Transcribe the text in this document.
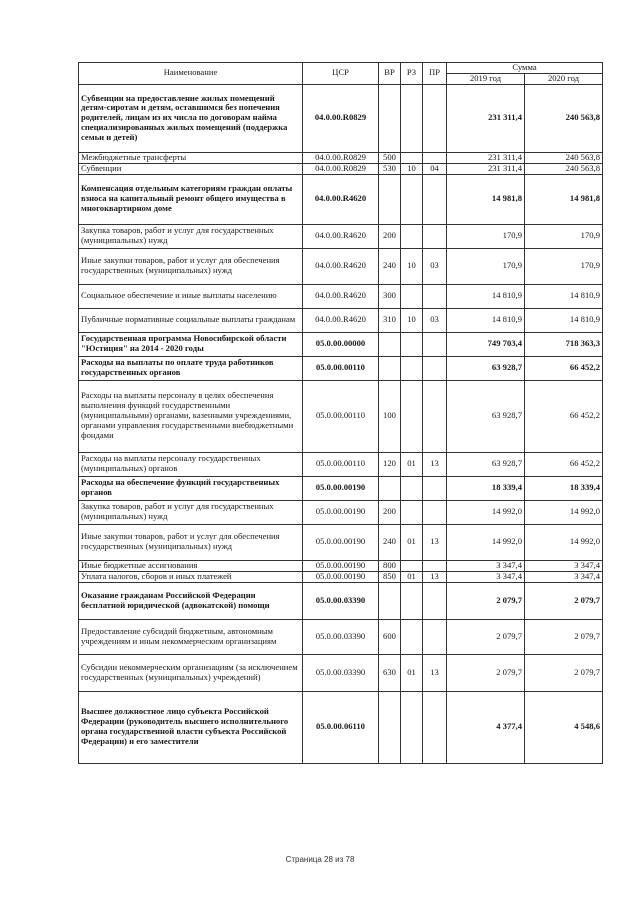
Наименование	ЦСР	ВР	РЗ	ПР	Сумма	
					2019 год	2020 год
Субвенции на предоставление жилых помещений детям-сиротам и детям, оставшимся без попечения родителей, лицам из их числа по договорам найма специализированных жилых помещений (поддержка семьи и детей)	04.0.00.R0829				231 311,4	240 563,8
Межбюджетные трансферты	04.0.00.R0829	500			231 311,4	240 563,8
Субвенции	04.0.00.R0829	530	10	04	231 311,4	240 563,8
Компенсация отдельным категориям граждан оплаты взноса на капитальный ремонт общего имущества в многоквартирном доме	04.0.00.R4620				14 981,8	14 981,8
Закупка товаров, работ и услуг для государственных (муниципальных) нужд	04.0.00.R4620	200			170,9	170,9
Иные закупки товаров, работ и услуг для обеспечения государственных (муниципальных) нужд	04.0.00.R4620	240	10	03	170,9	170,9
Социальное обеспечение и иные выплаты населению	04.0.00.R4620	300			14 810,9	14 810,9
Публичные нормативные социальные выплаты гражданам	04.0.00.R4620	310	10	03	14 810,9	14 810,9
Государственная программа Новосибирской области "Юстиция" на 2014 - 2020 годы	05.0.00.00000				749 703,4	718 363,3
Расходы на выплаты по оплате труда работников государственных органов	05.0.00.00110				63 928,7	66 452,2
Расходы на выплаты персоналу в целях обеспечения выполнения функций государственными (муниципальными) органами, казенными учреждениями, органами управления государственными внебюджетными фондами	05.0.00.00110	100			63 928,7	66 452,2
Расходы на выплаты персоналу государственных (муниципальных) органов	05.0.00.00110	120	01	13	63 928,7	66 452,2
Расходы на обеспечение функций государственных органов	05.0.00.00190				18 339,4	18 339,4
Закупка товаров, работ и услуг для государственных (муниципальных) нужд	05.0.00.00190	200			14 992,0	14 992,0
Иные закупки товаров, работ и услуг для обеспечения государственных (муниципальных) нужд	05.0.00.00190	240	01	13	14 992,0	14 992,0
Иные бюджетные ассигнования	05.0.00.00190	800			3 347,4	3 347,4
Уплата налогов, сборов и иных платежей	05.0.00.00190	850	01	13	3 347,4	3 347,4
Оказание гражданам Российской Федерации бесплатной юридической (адвокатской) помощи	05.0.00.03390				2 079,7	2 079,7
Предоставление субсидий бюджетным, автономным учреждениям и иным некоммерческим организациям	05.0.00.03390	600			2 079,7	2 079,7
Субсидии некоммерческим организациям (за исключением государственных (муниципальных) учреждений)	05.0.00.03390	630	01	13	2 079,7	2 079,7
Высшее должностное лицо субъекта Российской Федерации (руководитель высшего исполнительного органа государственной власти субъекта Российской Федерации) и его заместители	05.0.00.06110				4 377,4	4 548,6
Страница 28 из 78
